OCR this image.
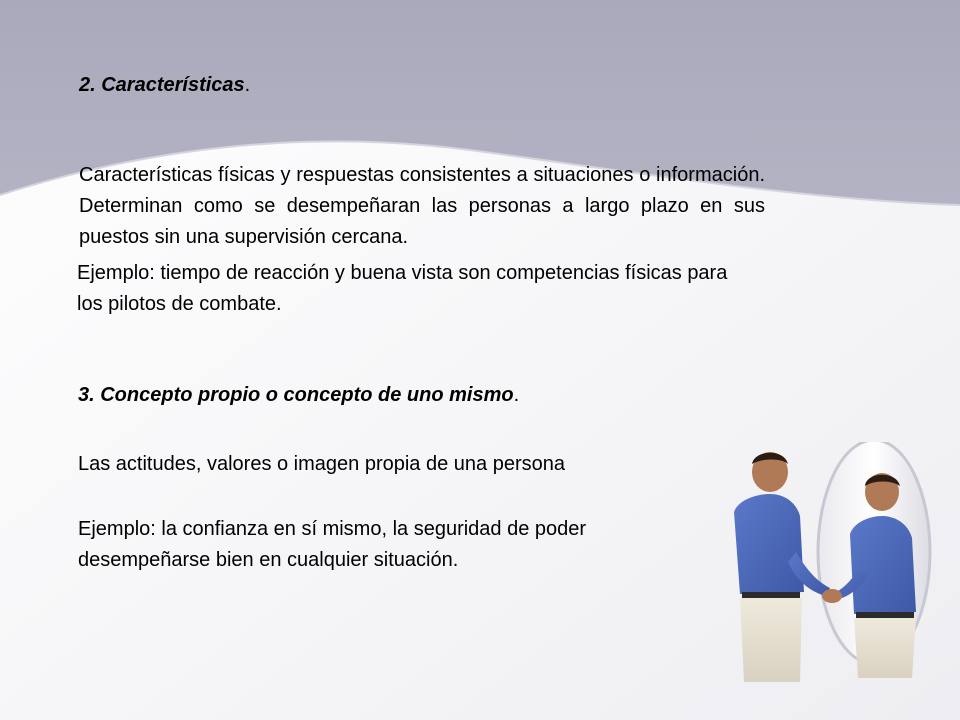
2. Características.

Características físicas y respuestas consistentes a situaciones o información. Determinan como se desempeñaran las personas a largo plazo en sus puestos sin una supervisión cercana.

Ejemplo: tiempo de reacción y buena vista son competencias físicas para los pilotos de combate.

3. Concepto propio o concepto de uno mismo.

Las actitudes, valores o imagen propia de una persona

Ejemplo: la confianza en sí mismo, la seguridad de poder desempeñarse bien en cualquier situación.
